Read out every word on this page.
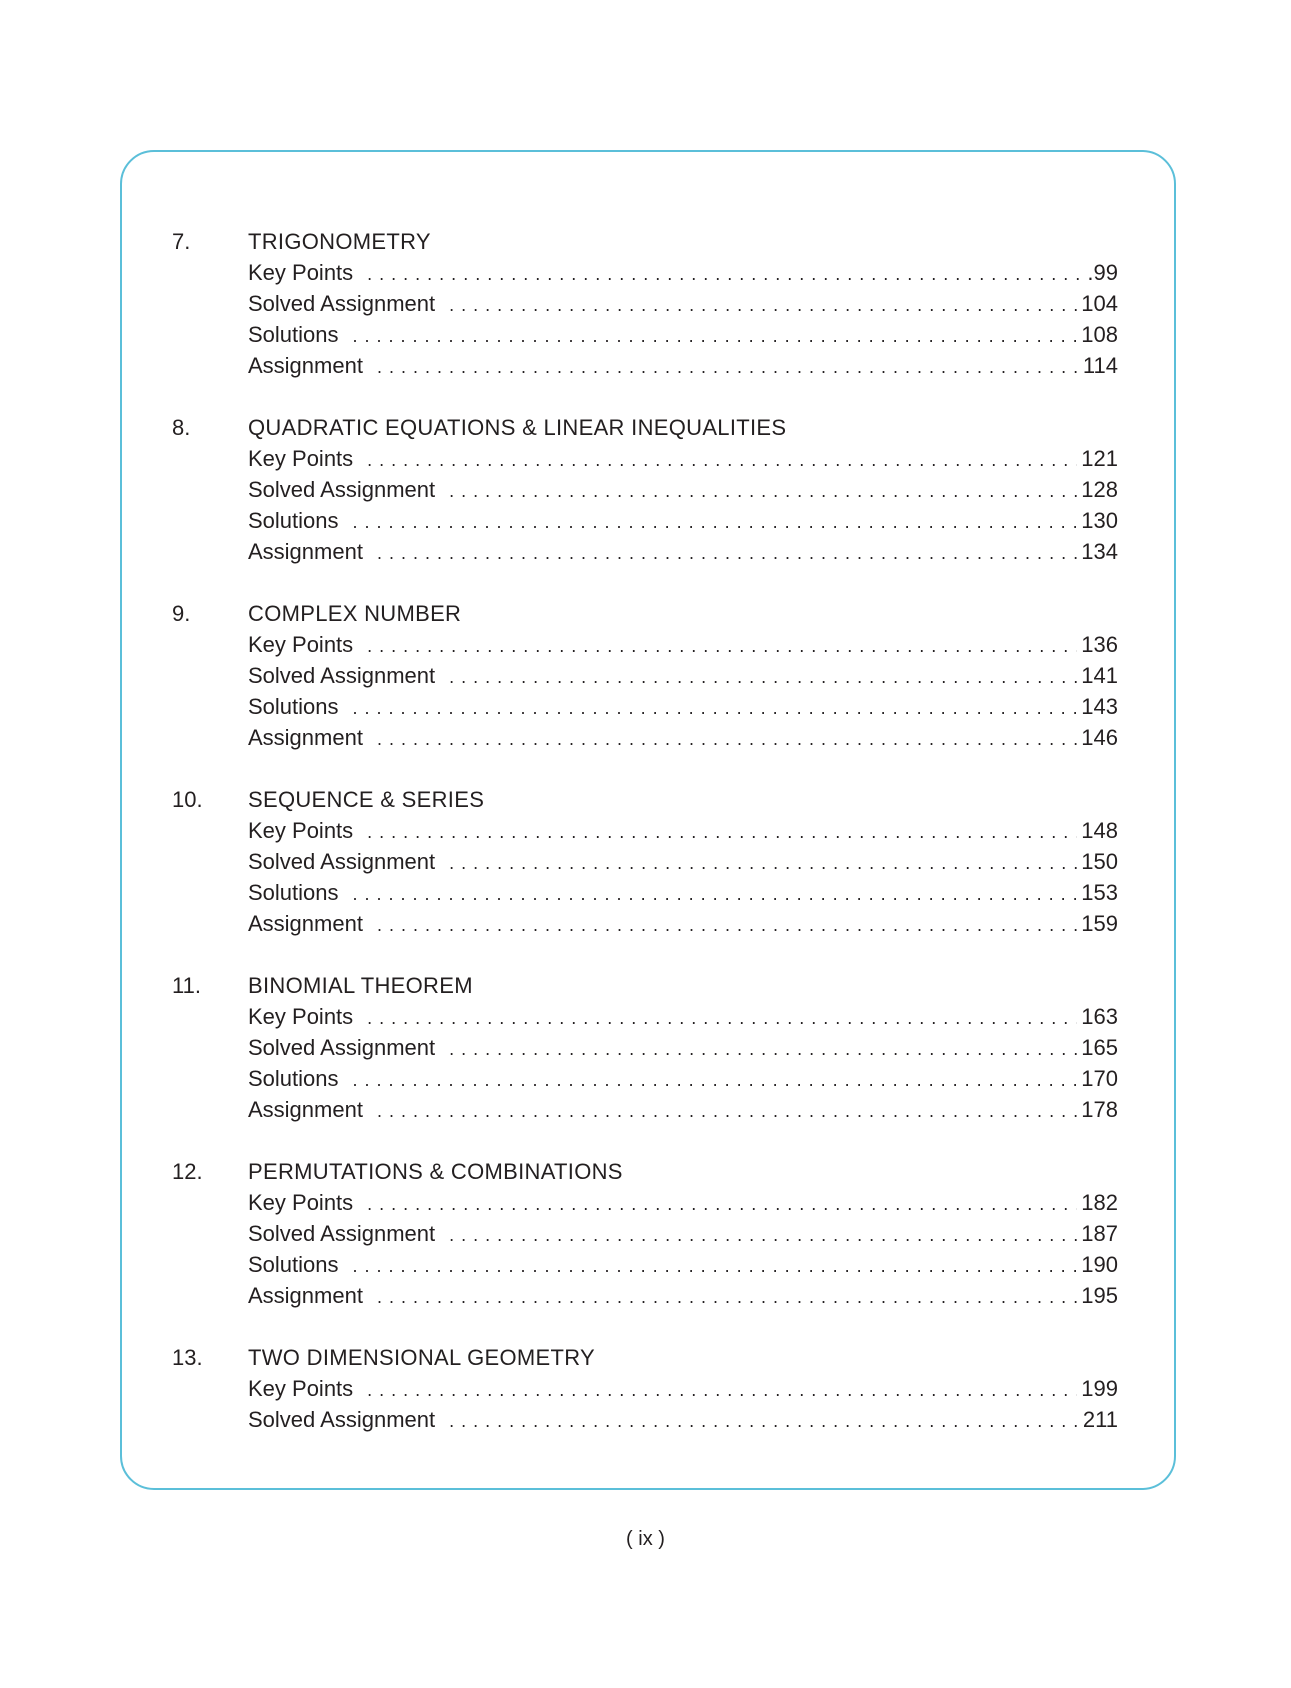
7.	TRIGONOMETRY
Key Points . . .	.99
Solved Assignment . . .	104
Solutions . . .	108
Assignment . . .	114
8.	QUADRATIC EQUATIONS & LINEAR INEQUALITIES
Key Points . . .	121
Solved Assignment . . .	128
Solutions . . .	130
Assignment . . .	134
9.	COMPLEX NUMBER
Key Points . . .	136
Solved Assignment . . .	141
Solutions . . .	143
Assignment . . .	146
10.	SEQUENCE & SERIES
Key Points . . .	148
Solved Assignment . . .	150
Solutions . . .	153
Assignment . . .	159
11.	BINOMIAL THEOREM
Key Points . . .	163
Solved Assignment . . .	165
Solutions . . .	170
Assignment . . .	178
12.	PERMUTATIONS & COMBINATIONS
Key Points . . .	182
Solved Assignment . . .	187
Solutions . . .	190
Assignment . . .	195
13.	TWO DIMENSIONAL GEOMETRY
Key Points . . .	199
Solved Assignment . . .	211
( ix )
